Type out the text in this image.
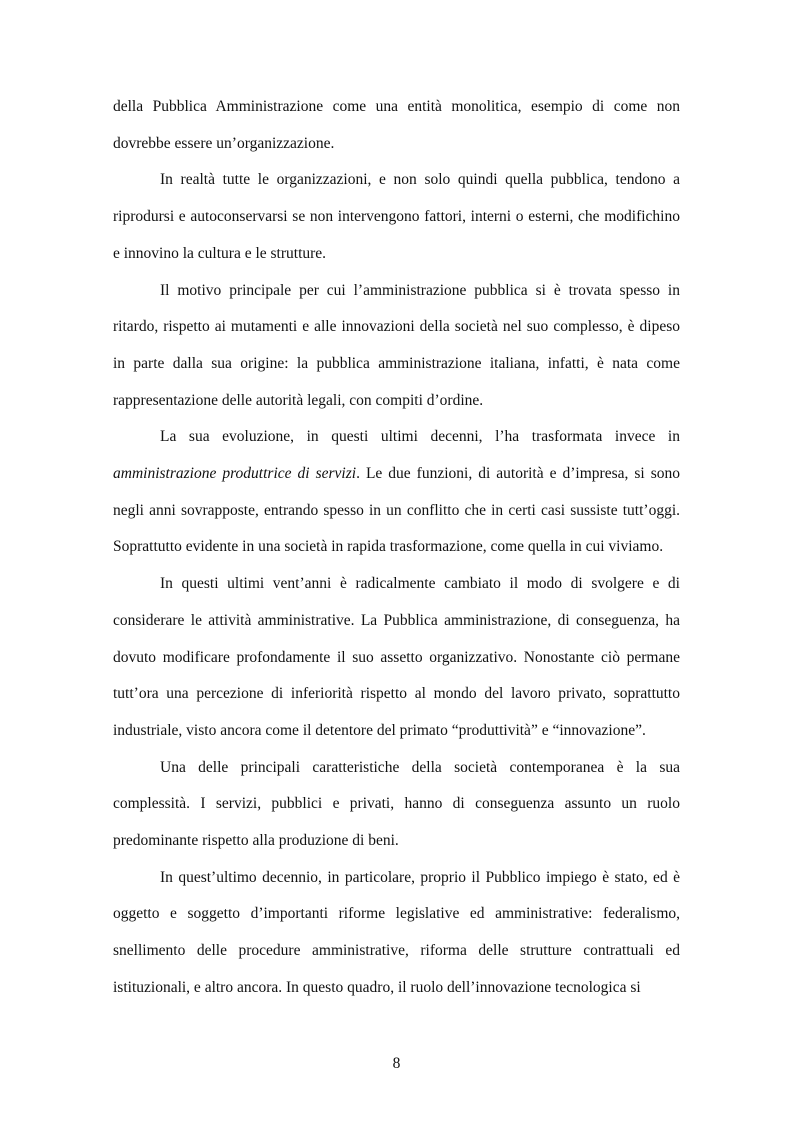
della Pubblica Amministrazione come una entità monolitica, esempio di come non dovrebbe essere un’organizzazione.

In realtà tutte le organizzazioni, e non solo quindi quella pubblica, tendono a riprodursi e autoconservarsi se non intervengono fattori, interni o esterni, che modifichino e innovino la cultura e le strutture.

Il motivo principale per cui l’amministrazione pubblica si è trovata spesso in ritardo, rispetto ai mutamenti e alle innovazioni della società nel suo complesso, è dipeso in parte dalla sua origine: la pubblica amministrazione italiana, infatti, è nata come rappresentazione delle autorità legali, con compiti d’ordine.

La sua evoluzione, in questi ultimi decenni, l’ha trasformata invece in amministrazione produttrice di servizi. Le due funzioni, di autorità e d’impresa, si sono negli anni sovrapposte, entrando spesso in un conflitto che in certi casi sussiste tutt’oggi. Soprattutto evidente in una società in rapida trasformazione, come quella in cui viviamo.

In questi ultimi vent’anni è radicalmente cambiato il modo di svolgere e di considerare le attività amministrative. La Pubblica amministrazione, di conseguenza, ha dovuto modificare profondamente il suo assetto organizzativo. Nonostante ciò permane tutt’ora una percezione di inferiorità rispetto al mondo del lavoro privato, soprattutto industriale, visto ancora come il detentore del primato “produttività” e “innovazione”.

Una delle principali caratteristiche della società contemporanea è la sua complessità. I servizi, pubblici e privati, hanno di conseguenza assunto un ruolo predominante rispetto alla produzione di beni.

In quest’ultimo decennio, in particolare, proprio il Pubblico impiego è stato, ed è oggetto e soggetto d’importanti riforme legislative ed amministrative: federalismo, snellimento delle procedure amministrative, riforma delle strutture contrattuali ed istituzionali, e altro ancora. In questo quadro, il ruolo dell’innovazione tecnologica si

8
